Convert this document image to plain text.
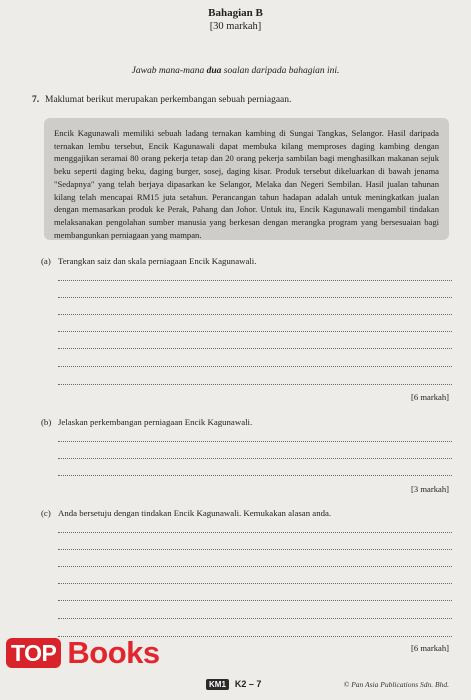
Bahagian B
[30 markah]
Jawab mana-mana dua soalan daripada bahagian ini.
7. Maklumat berikut merupakan perkembangan sebuah perniagaan.
Encik Kagunawali memiliki sebuah ladang ternakan kambing di Sungai Tangkas, Selangor. Hasil daripada ternakan lembu tersebut, Encik Kagunawali dapat membuka kilang memproses daging kambing dengan menggajikan seramai 80 orang pekerja tetap dan 20 orang pekerja sambilan bagi menghasilkan makanan sejuk beku seperti daging beku, daging burger, sosej, daging kisar. Produk tersebut dikeluarkan di bawah jenama "Sedapnya" yang telah berjaya dipasarkan ke Selangor, Melaka dan Negeri Sembilan. Hasil jualan tahunan kilang telah mencapai RM15 juta setahun. Perancangan tahun hadapan adalah untuk meningkatkan jualan dengan memasarkan produk ke Perak, Pahang dan Johor. Untuk itu, Encik Kagunawali mengambil tindakan melaksanakan pengolahan sumber manusia yang berkesan dengan merangka program yang bersesuaian bagi membangunkan perniagaan yang mampan.
(a) Terangkan saiz dan skala perniagaan Encik Kagunawali.
[6 markah]
(b) Jelaskan perkembangan perniagaan Encik Kagunawali.
[3 markah]
(c) Anda bersetuju dengan tindakan Encik Kagunawali. Kemukakan alasan anda.
[6 markah]
KM1	K2 – 7	© Pan Asia Publications Sdn. Bhd.
TOP Books
